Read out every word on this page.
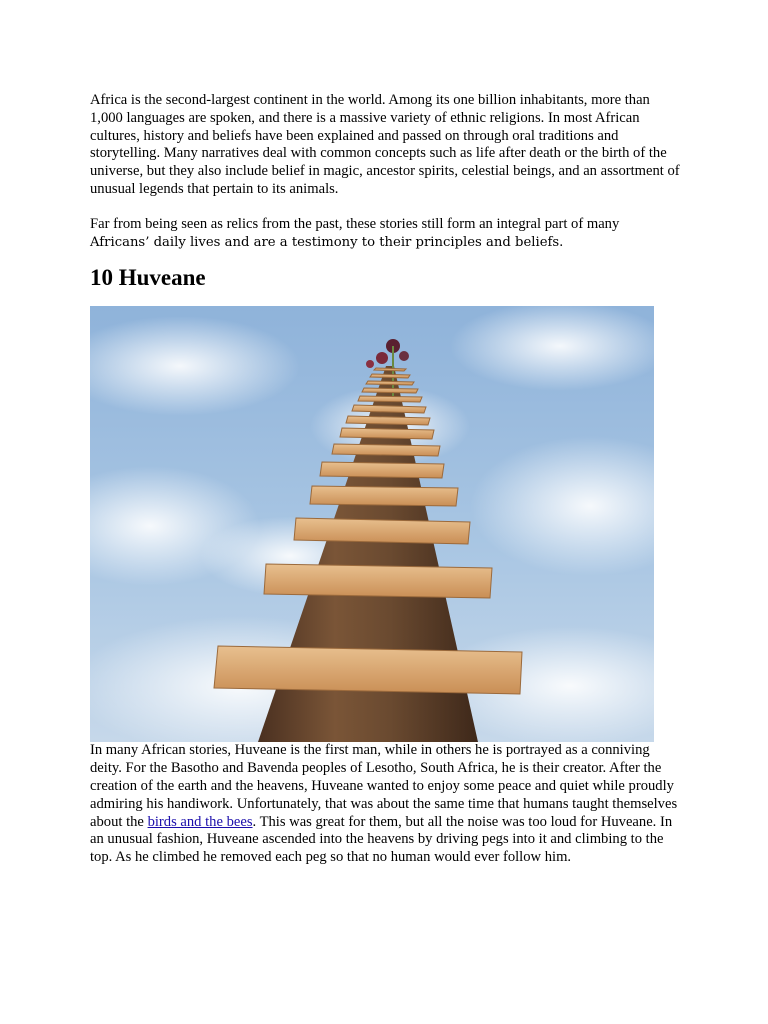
Africa is the second-largest continent in the world. Among its one billion inhabitants, more than 1,000 languages are spoken, and there is a massive variety of ethnic religions. In most African cultures, history and beliefs have been explained and passed on through oral traditions and storytelling. Many narratives deal with common concepts such as life after death or the birth of the universe, but they also include belief in magic, ancestor spirits, celestial beings, and an assortment of unusual legends that pertain to its animals.

Far from being seen as relics from the past, these stories still form an integral part of many
Africans’ daily lives and are a testimony to their principles and beliefs.

10 Huveane

In many African stories, Huveane is the first man, while in others he is portrayed as a conniving deity. For the Basotho and Bavenda peoples of Lesotho, South Africa, he is their creator. After the creation of the earth and the heavens, Huveane wanted to enjoy some peace and quiet while proudly admiring his handiwork. Unfortunately, that was about the same time that humans taught themselves about the birds and the bees. This was great for them, but all the noise was too loud for Huveane. In an unusual fashion, Huveane ascended into the heavens by driving pegs into it and climbing to the top. As he climbed he removed each peg so that no human would ever follow him.
